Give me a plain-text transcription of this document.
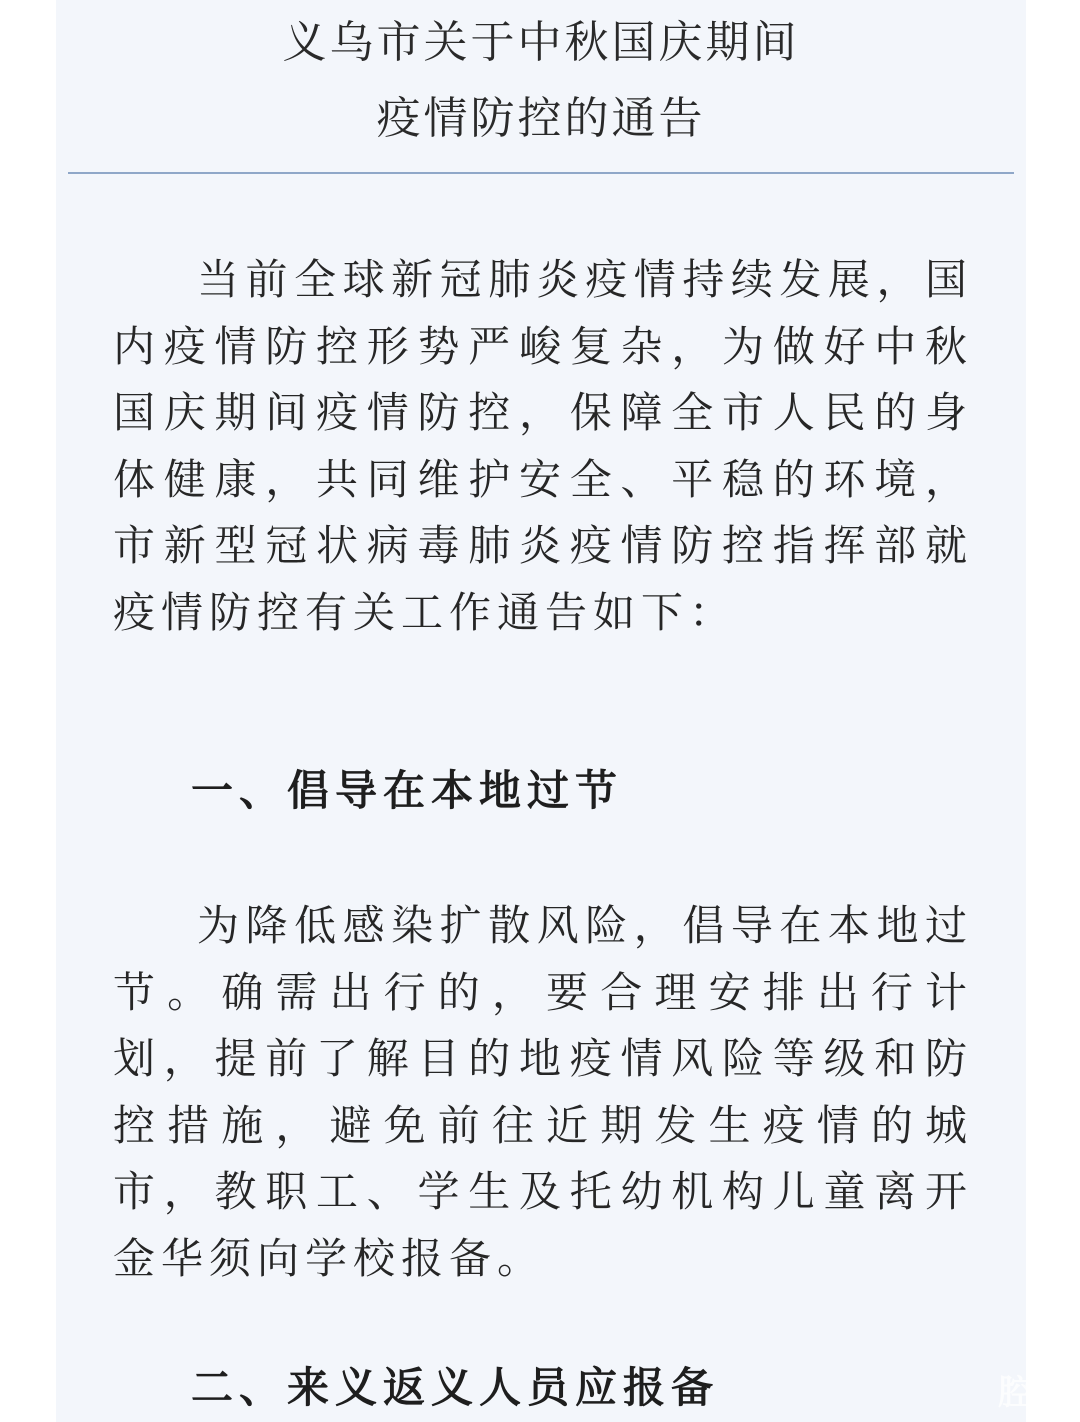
义乌市关于中秋国庆期间
疫情防控的通告

当前全球新冠肺炎疫情持续发展，国内疫情防控形势严峻复杂，为做好中秋国庆期间疫情防控，保障全市人民的身体健康，共同维护安全、平稳的环境，市新型冠状病毒肺炎疫情防控指挥部就疫情防控有关工作通告如下：

一、倡导在本地过节

为降低感染扩散风险，倡导在本地过节。确需出行的，要合理安排出行计划，提前了解目的地疫情风险等级和防控措施，避免前往近期发生疫情的城市，教职工、学生及托幼机构儿童离开金华须向学校报备。

二、来义返义人员应报备	腔友
